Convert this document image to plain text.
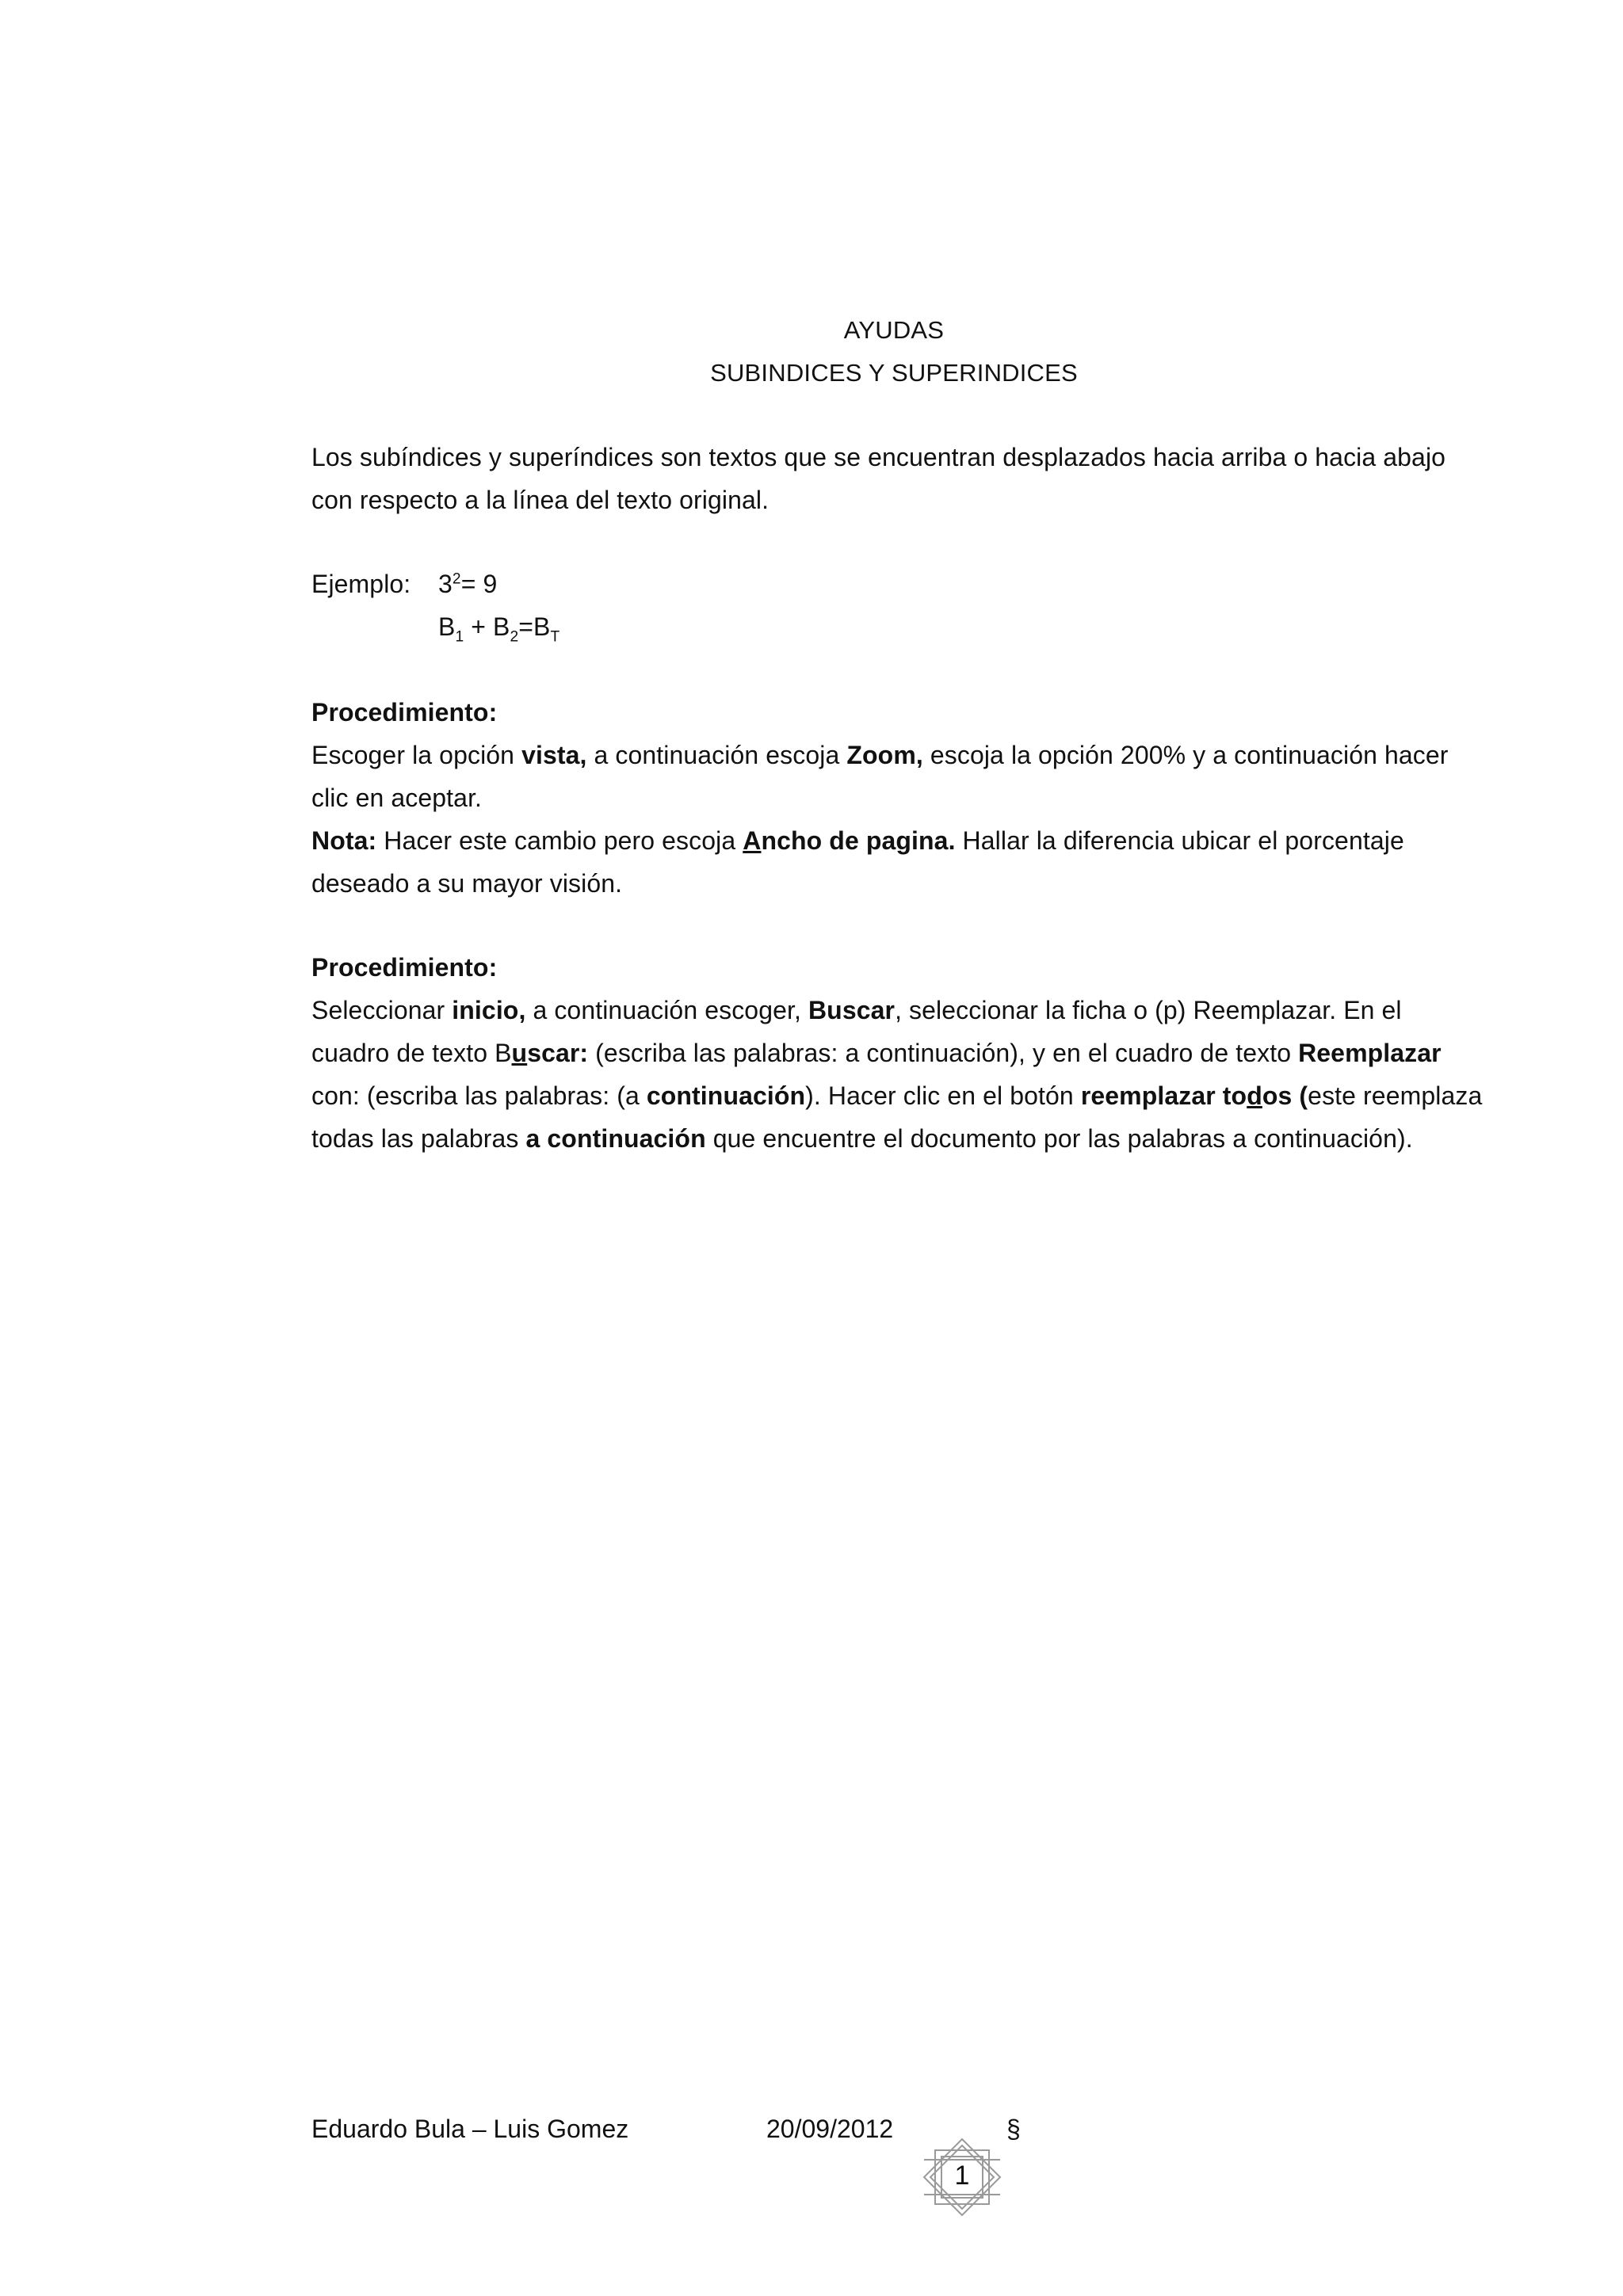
AYUDAS
SUBINDICES Y SUPERINDICES
Los subíndices y superíndices son textos que se encuentran desplazados hacia arriba o hacia abajo con respecto a la línea del texto original.
Ejemplo: $3^2= 9$
$B_1 + B_2=B_T$
Procedimiento:
Escoger la opción vista, a continuación escoja Zoom, escoja la opción 200% y a continuación hacer clic en aceptar.
Nota: Hacer este cambio pero escoja Ancho de pagina. Hallar la diferencia ubicar el porcentaje deseado a su mayor visión.
Procedimiento:
Seleccionar inicio, a continuación escoger, Buscar, seleccionar la ficha o (p) Reemplazar. En el cuadro de texto Buscar: (escriba las palabras: a continuación), y en el cuadro de texto Reemplazar con: (escriba las palabras: (a continuación). Hacer clic en el botón reemplazar todos (este reemplaza todas las palabras a continuación que encuentre el documento por las palabras a continuación).
Eduardo Bula – Luis Gomez	20/09/2012	§
1
